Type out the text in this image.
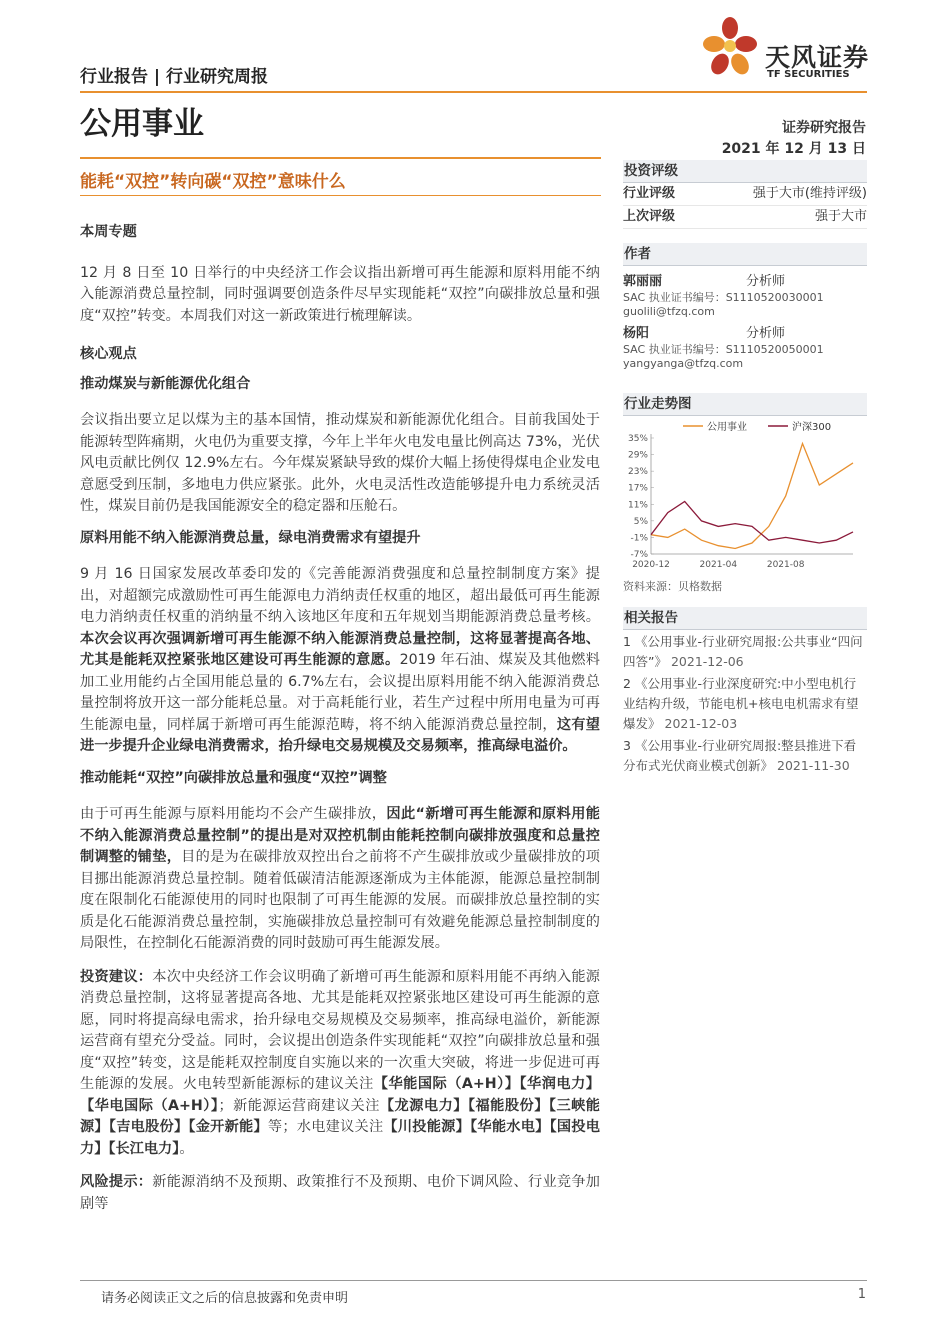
行业报告 | 行业研究周报
天风证券
TF SECURITIES
公用事业	证券研究报告
2021 年 12 月 13 日
能耗“双控”转向碳“双控”意味什么
本周专题

12 月 8 日至 10 日举行的中央经济工作会议指出新增可再生能源和原料用能不纳入能源消费总量控制，同时强调要创造条件尽早实现能耗“双控”向碳排放总量和强度“双控”转变。本周我们对这一新政策进行梳理解读。

核心观点
推动煤炭与新能源优化组合

会议指出要立足以煤为主的基本国情，推动煤炭和新能源优化组合。目前我国处于能源转型阵痛期，火电仍为重要支撑，今年上半年火电发电量比例高达 73%，光伏风电贡献比例仅 12.9%左右。今年煤炭紧缺导致的煤价大幅上扬使得煤电企业发电意愿受到压制，多地电力供应紧张。此外，火电灵活性改造能够提升电力系统灵活性，煤炭目前仍是我国能源安全的稳定器和压舱石。

原料用能不纳入能源消费总量，绿电消费需求有望提升

9 月 16 日国家发展改革委印发的《完善能源消费强度和总量控制制度方案》提出，对超额完成激励性可再生能源电力消纳责任权重的地区，超出最低可再生能源电力消纳责任权重的消纳量不纳入该地区年度和五年规划当期能源消费总量考核。本次会议再次强调新增可再生能源不纳入能源消费总量控制，这将显著提高各地、尤其是能耗双控紧张地区建设可再生能源的意愿。2019 年石油、煤炭及其他燃料加工业用能约占全国用能总量的 6.7%左右，会议提出原料用能不纳入能源消费总量控制将放开这一部分能耗总量。对于高耗能行业，若生产过程中所用电量为可再生能源电量，同样属于新增可再生能源范畴，将不纳入能源消费总量控制，这有望进一步提升企业绿电消费需求，抬升绿电交易规模及交易频率，推高绿电溢价。

推动能耗“双控”向碳排放总量和强度“双控”调整

由于可再生能源与原料用能均不会产生碳排放，因此“新增可再生能源和原料用能不纳入能源消费总量控制”的提出是对双控机制由能耗控制向碳排放强度和总量控制调整的铺垫，目的是为在碳排放双控出台之前将不产生碳排放或少量碳排放的项目挪出能源消费总量控制。随着低碳清洁能源逐渐成为主体能源，能源总量控制制度在限制化石能源使用的同时也限制了可再生能源的发展。而碳排放总量控制的实质是化石能源消费总量控制，实施碳排放总量控制可有效避免能源总量控制制度的局限性，在控制化石能源消费的同时鼓励可再生能源发展。

投资建议：本次中央经济工作会议明确了新增可再生能源和原料用能不再纳入能源消费总量控制，这将显著提高各地、尤其是能耗双控紧张地区建设可再生能源的意愿，同时将提高绿电需求，抬升绿电交易规模及交易频率，推高绿电溢价，新能源运营商有望充分受益。同时，会议提出创造条件实现能耗“双控”向碳排放总量和强度“双控”转变，这是能耗双控制度自实施以来的一次重大突破，将进一步促进可再生能源的发展。火电转型新能源标的建议关注【华能国际（A+H）】【华润电力】【华电国际（A+H）】；新能源运营商建议关注【龙源电力】【福能股份】【三峡能源】【吉电股份】【金开新能】等；水电建议关注【川投能源】【华能水电】【国投电力】【长江电力】。

风险提示：新能源消纳不及预期、政策推行不及预期、电价下调风险、行业竞争加剧等

投资评级
行业评级	强于大市(维持评级)
上次评级	强于大市
作者
郭丽丽	分析师
SAC 执业证书编号：S1110520030001
guolili@tfzq.com
杨阳	分析师
SAC 执业证书编号：S1110520050001
yangyanga@tfzq.com
行业走势图
公用事业	沪深300
35%
29%
23%
17%
11%
5%
-1%
-7%
2020-12	2021-04	2021-08
资料来源：贝格数据
相关报告
1 《公用事业-行业研究周报:公共事业“四问四答”》 2021-12-06
2 《公用事业-行业深度研究:中小型电机行业结构升级，节能电机+核电电机需求有望爆发》 2021-12-03
3 《公用事业-行业研究周报:整县推进下看分布式光伏商业模式创新》 2021-11-30
请务必阅读正文之后的信息披露和免责申明	1
